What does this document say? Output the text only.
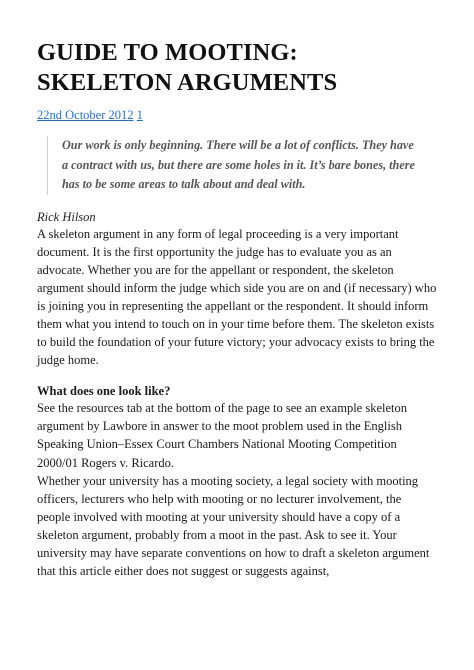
GUIDE TO MOOTING:
SKELETON ARGUMENTS
22nd October 2012 1
Our work is only beginning. There will be a lot of conflicts. They have a contract with us, but there are some holes in it. It’s bare bones, there has to be some areas to talk about and deal with.
Rick Hilson

A skeleton argument in any form of legal proceeding is a very important document. It is the first opportunity the judge has to evaluate you as an advocate. Whether you are for the appellant or respondent, the skeleton argument should inform the judge which side you are on and (if necessary) who is joining you in representing the appellant or the respondent. It should inform them what you intend to touch on in your time before them. The skeleton exists to build the foundation of your future victory; your advocacy exists to bring the judge home.

What does one look like?

See the resources tab at the bottom of the page to see an example skeleton argument by Lawbore in answer to the moot problem used in the English Speaking Union–Essex Court Chambers National Mooting Competition 2000/01 Rogers v. Ricardo.

Whether your university has a mooting society, a legal society with mooting officers, lecturers who help with mooting or no lecturer involvement, the people involved with mooting at your university should have a copy of a skeleton argument, probably from a moot in the past. Ask to see it. Your university may have separate conventions on how to draft a skeleton argument that this article either does not suggest or suggests against,
